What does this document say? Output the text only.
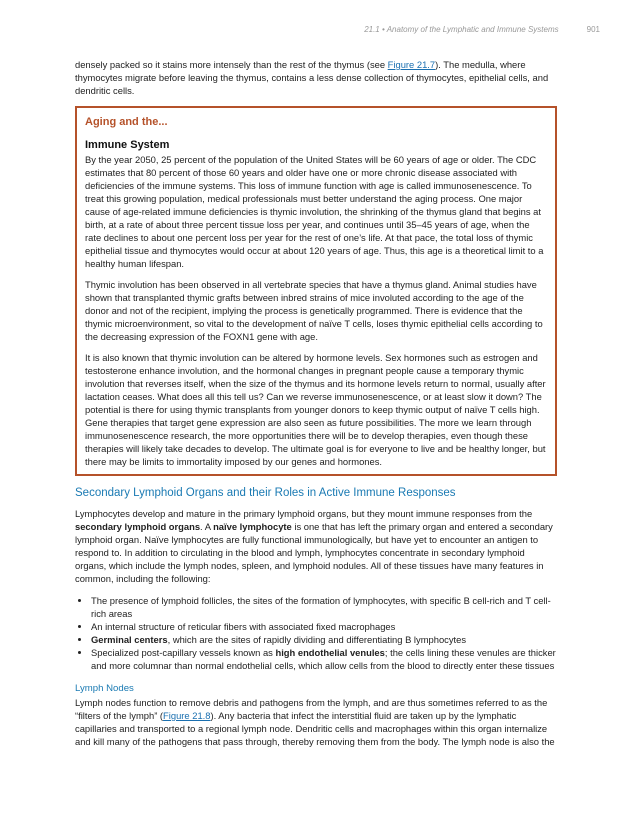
21.1 • Anatomy of the Lymphatic and Immune Systems	901

densely packed so it stains more intensely than the rest of the thymus (see Figure 21.7). The medulla, where thymocytes migrate before leaving the thymus, contains a less dense collection of thymocytes, epithelial cells, and dendritic cells.

Aging and the...
Immune System

By the year 2050, 25 percent of the population of the United States will be 60 years of age or older. The CDC estimates that 80 percent of those 60 years and older have one or more chronic disease associated with deficiencies of the immune systems. This loss of immune function with age is called immunosenescence. To treat this growing population, medical professionals must better understand the aging process. One major cause of age-related immune deficiencies is thymic involution, the shrinking of the thymus gland that begins at birth, at a rate of about three percent tissue loss per year, and continues until 35–45 years of age, when the rate declines to about one percent loss per year for the rest of one’s life. At that pace, the total loss of thymic epithelial tissue and thymocytes would occur at about 120 years of age. Thus, this age is a theoretical limit to a healthy human lifespan.

Thymic involution has been observed in all vertebrate species that have a thymus gland. Animal studies have shown that transplanted thymic grafts between inbred strains of mice involuted according to the age of the donor and not of the recipient, implying the process is genetically programmed. There is evidence that the thymic microenvironment, so vital to the development of naïve T cells, loses thymic epithelial cells according to the decreasing expression of the FOXN1 gene with age.

It is also known that thymic involution can be altered by hormone levels. Sex hormones such as estrogen and testosterone enhance involution, and the hormonal changes in pregnant people cause a temporary thymic involution that reverses itself, when the size of the thymus and its hormone levels return to normal, usually after lactation ceases. What does all this tell us? Can we reverse immunosenescence, or at least slow it down? The potential is there for using thymic transplants from younger donors to keep thymic output of naïve T cells high. Gene therapies that target gene expression are also seen as future possibilities. The more we learn through immunosenescence research, the more opportunities there will be to develop therapies, even though these therapies will likely take decades to develop. The ultimate goal is for everyone to live and be healthy longer, but there may be limits to immortality imposed by our genes and hormones.

Secondary Lymphoid Organs and their Roles in Active Immune Responses

Lymphocytes develop and mature in the primary lymphoid organs, but they mount immune responses from the secondary lymphoid organs. A naïve lymphocyte is one that has left the primary organ and entered a secondary lymphoid organ. Naïve lymphocytes are fully functional immunologically, but have yet to encounter an antigen to respond to. In addition to circulating in the blood and lymph, lymphocytes concentrate in secondary lymphoid organs, which include the lymph nodes, spleen, and lymphoid nodules. All of these tissues have many features in common, including the following:

• The presence of lymphoid follicles, the sites of the formation of lymphocytes, with specific B cell-rich and T cell-rich areas
• An internal structure of reticular fibers with associated fixed macrophages
• Germinal centers, which are the sites of rapidly dividing and differentiating B lymphocytes
• Specialized post-capillary vessels known as high endothelial venules; the cells lining these venules are thicker and more columnar than normal endothelial cells, which allow cells from the blood to directly enter these tissues
Lymph Nodes

Lymph nodes function to remove debris and pathogens from the lymph, and are thus sometimes referred to as the “filters of the lymph” (Figure 21.8). Any bacteria that infect the interstitial fluid are taken up by the lymphatic capillaries and transported to a regional lymph node. Dendritic cells and macrophages within this organ internalize and kill many of the pathogens that pass through, thereby removing them from the body. The lymph node is also the
